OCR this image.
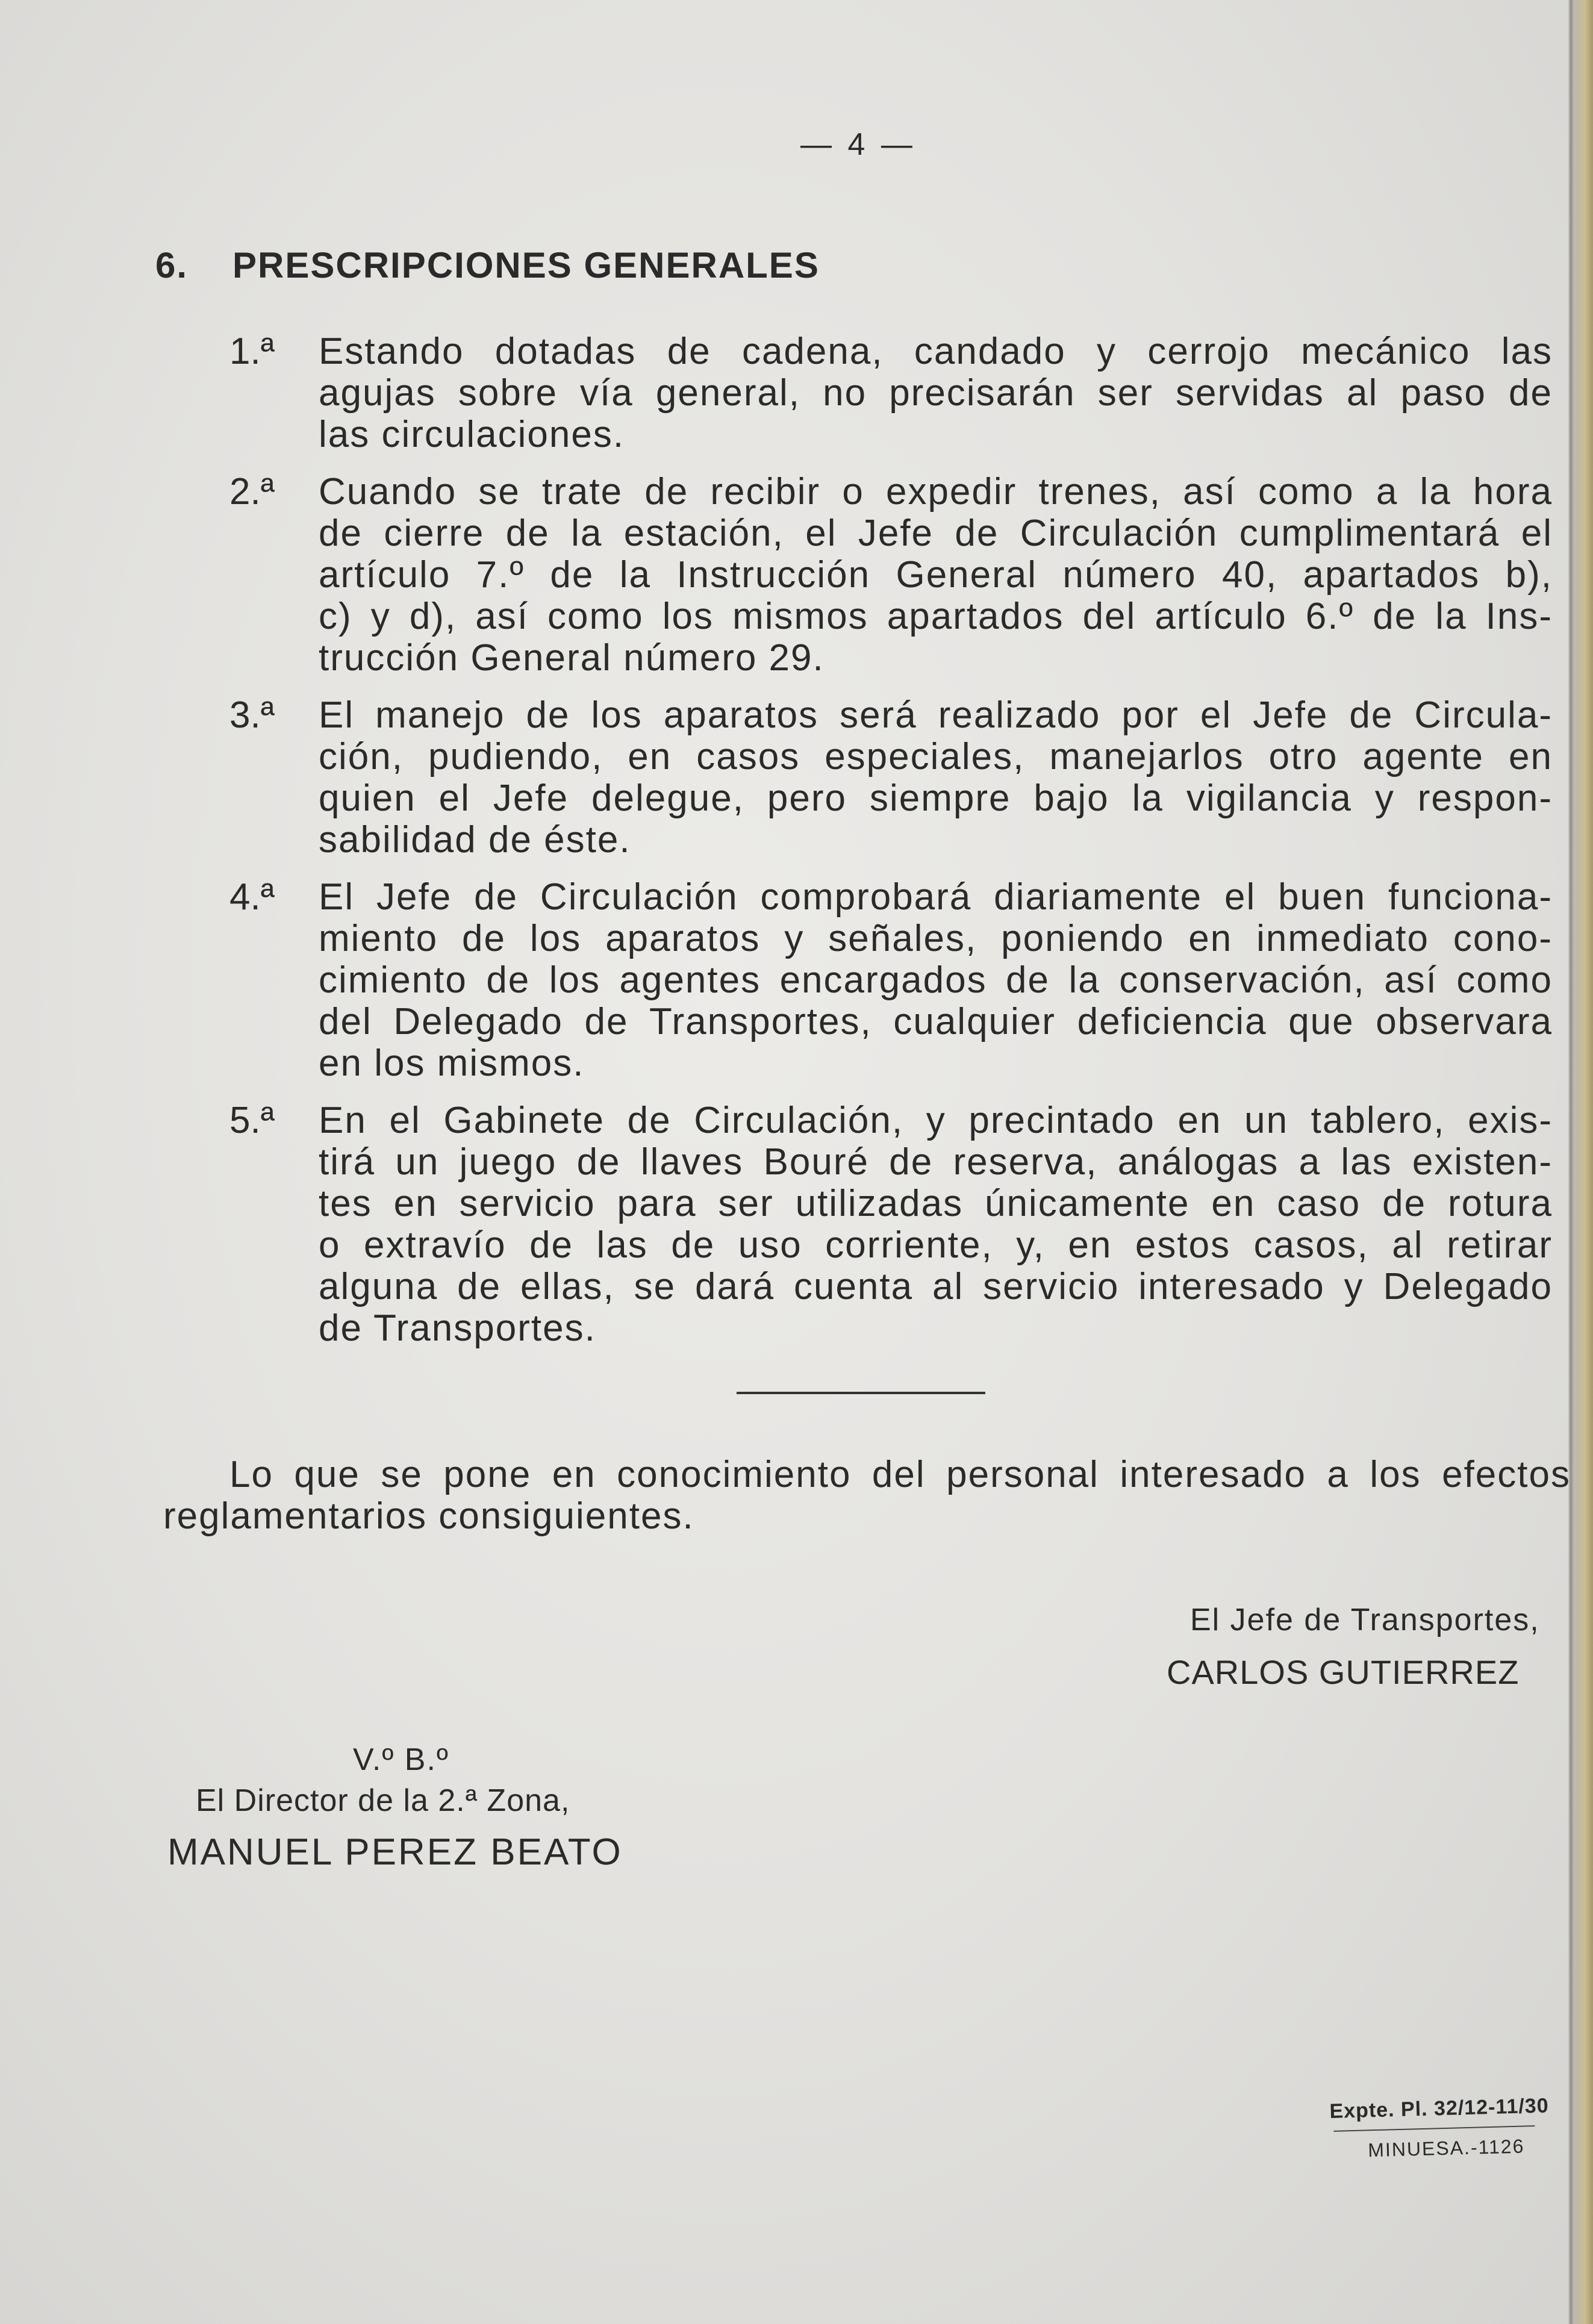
— 4 —
6. PRESCRIPCIONES GENERALES
1.ª	Estando dotadas de cadena, candado y cerrojo mecánico las
agujas sobre vía general, no precisarán ser servidas al paso de
las circulaciones.
2.ª	Cuando se trate de recibir o expedir trenes, así como a la hora
de cierre de la estación, el Jefe de Circulación cumplimentará el
artículo 7.º de la Instrucción General número 40, apartados b),
c) y d), así como los mismos apartados del artículo 6.º de la Ins-
trucción General número 29.
3.ª	El manejo de los aparatos será realizado por el Jefe de Circula-
ción, pudiendo, en casos especiales, manejarlos otro agente en
quien el Jefe delegue, pero siempre bajo la vigilancia y respon-
sabilidad de éste.
4.ª	El Jefe de Circulación comprobará diariamente el buen funciona-
miento de los aparatos y señales, poniendo en inmediato cono-
cimiento de los agentes encargados de la conservación, así como
del Delegado de Transportes, cualquier deficiencia que observara
en los mismos.
5.ª	En el Gabinete de Circulación, y precintado en un tablero, exis-
tirá un juego de llaves Bouré de reserva, análogas a las existen-
tes en servicio para ser utilizadas únicamente en caso de rotura
o extravío de las de uso corriente, y, en estos casos, al retirar
alguna de ellas, se dará cuenta al servicio interesado y Delegado
de Transportes.
Lo que se pone en conocimiento del personal interesado a los efectos
reglamentarios consiguientes.
El Jefe de Transportes,
CARLOS GUTIERREZ
V.º B.º
El Director de la 2.ª Zona,
MANUEL PEREZ BEATO
Expte. Pl. 32/12-11/30
MINUESA.-1126
